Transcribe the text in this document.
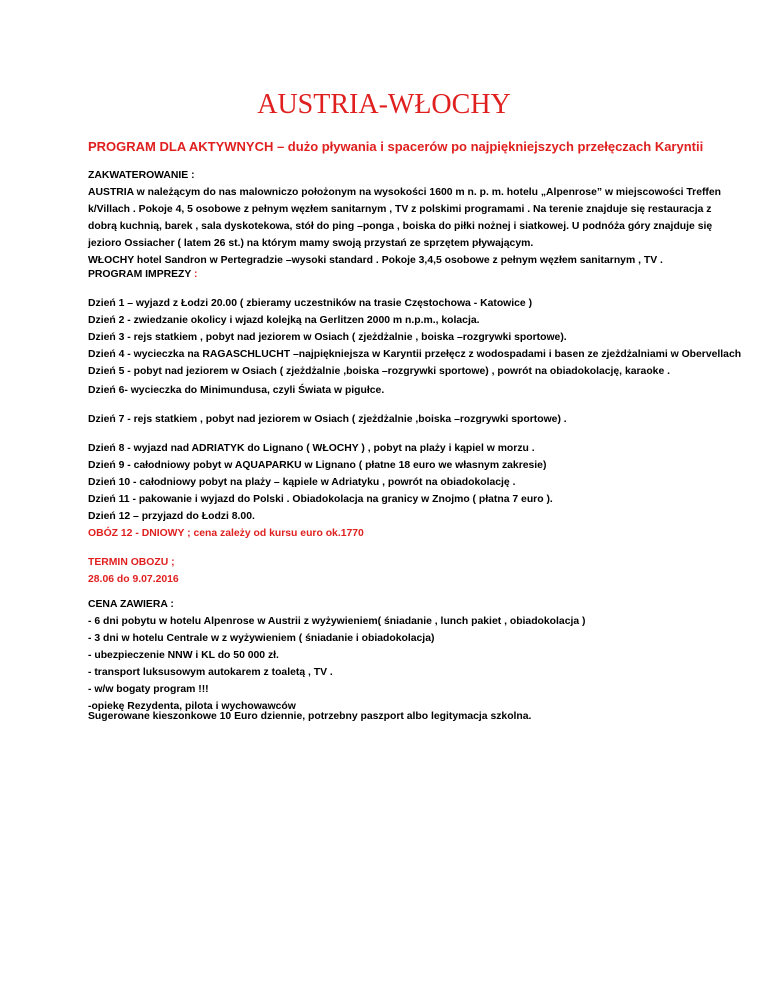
AUSTRIA-WŁOCHY
PROGRAM DLA AKTYWNYCH – dużo pływania i spacerów po najpiękniejszych przełęczach Karyntii
ZAKWATEROWANIE :
AUSTRIA w należącym do nas malowniczo położonym na wysokości 1600 m n. p. m. hotelu „Alpenrose” w miejscowości Treffen
k/Villach . Pokoje 4, 5 osobowe z pełnym węzłem sanitarnym , TV z polskimi programami . Na terenie znajduje się restauracja z
dobrą kuchnią, barek , sala dyskotekowa, stół do ping –ponga , boiska do piłki nożnej i siatkowej. U podnóża góry znajduje się
jezioro Ossiacher ( latem 26 st.) na którym mamy swoją przystań ze sprzętem pływającym.
WŁOCHY hotel Sandron w Pertegradzie –wysoki standard . Pokoje 3,4,5 osobowe z pełnym węzłem sanitarnym , TV .
PROGRAM IMPREZY :
Dzień 1 – wyjazd z Łodzi 20.00 ( zbieramy uczestników na trasie Częstochowa - Katowice )
Dzień 2 - zwiedzanie okolicy i wjazd kolejką na Gerlitzen 2000 m n.p.m., kolacja.
Dzień 3 - rejs statkiem , pobyt nad jeziorem w Osiach ( zjeżdżalnie , boiska –rozgrywki sportowe).
Dzień 4 - wycieczka na RAGASCHLUCHT –najpiękniejsza w Karyntii przełęcz z wodospadami i basen ze zjeżdżalniami w Obervellach
Dzień 5 - pobyt nad jeziorem w Osiach ( zjeżdżalnie ,boiska –rozgrywki sportowe) , powrót na obiadokolację, karaoke .
Dzień 6- wycieczka do Minimundusa, czyli Świata w pigułce.
Dzień 7 - rejs statkiem , pobyt nad jeziorem w Osiach ( zjeżdżalnie ,boiska –rozgrywki sportowe) .
Dzień 8 - wyjazd nad ADRIATYK do Lignano ( WŁOCHY ) , pobyt na plaży i kąpiel w morzu .
Dzień 9 - całodniowy pobyt w AQUAPARKU w Lignano ( płatne 18 euro we własnym zakresie)
Dzień 10 - całodniowy pobyt na plaży – kąpiele w Adriatyku , powrót na obiadokolację .
Dzień 11 - pakowanie i wyjazd do Polski . Obiadokolacja na granicy w Znojmo ( płatna 7 euro ).
Dzień 12 – przyjazd do Łodzi 8.00.
OBÓZ 12 - DNIOWY ; cena zależy od kursu euro ok.1770
TERMIN OBOZU ;
28.06 do 9.07.2016
CENA ZAWIERA :
- 6 dni pobytu w hotelu Alpenrose w Austrii z wyżywieniem( śniadanie , lunch pakiet , obiadokolacja )
- 3 dni w hotelu Centrale w z wyżywieniem ( śniadanie i obiadokolacja)
- ubezpieczenie NNW i KL do 50 000 zł.
- transport luksusowym autokarem z toaletą , TV .
- w/w bogaty program !!!
-opiekę Rezydenta, pilota i wychowawców
Sugerowane kieszonkowe 10 Euro dziennie, potrzebny paszport albo legitymacja szkolna.
